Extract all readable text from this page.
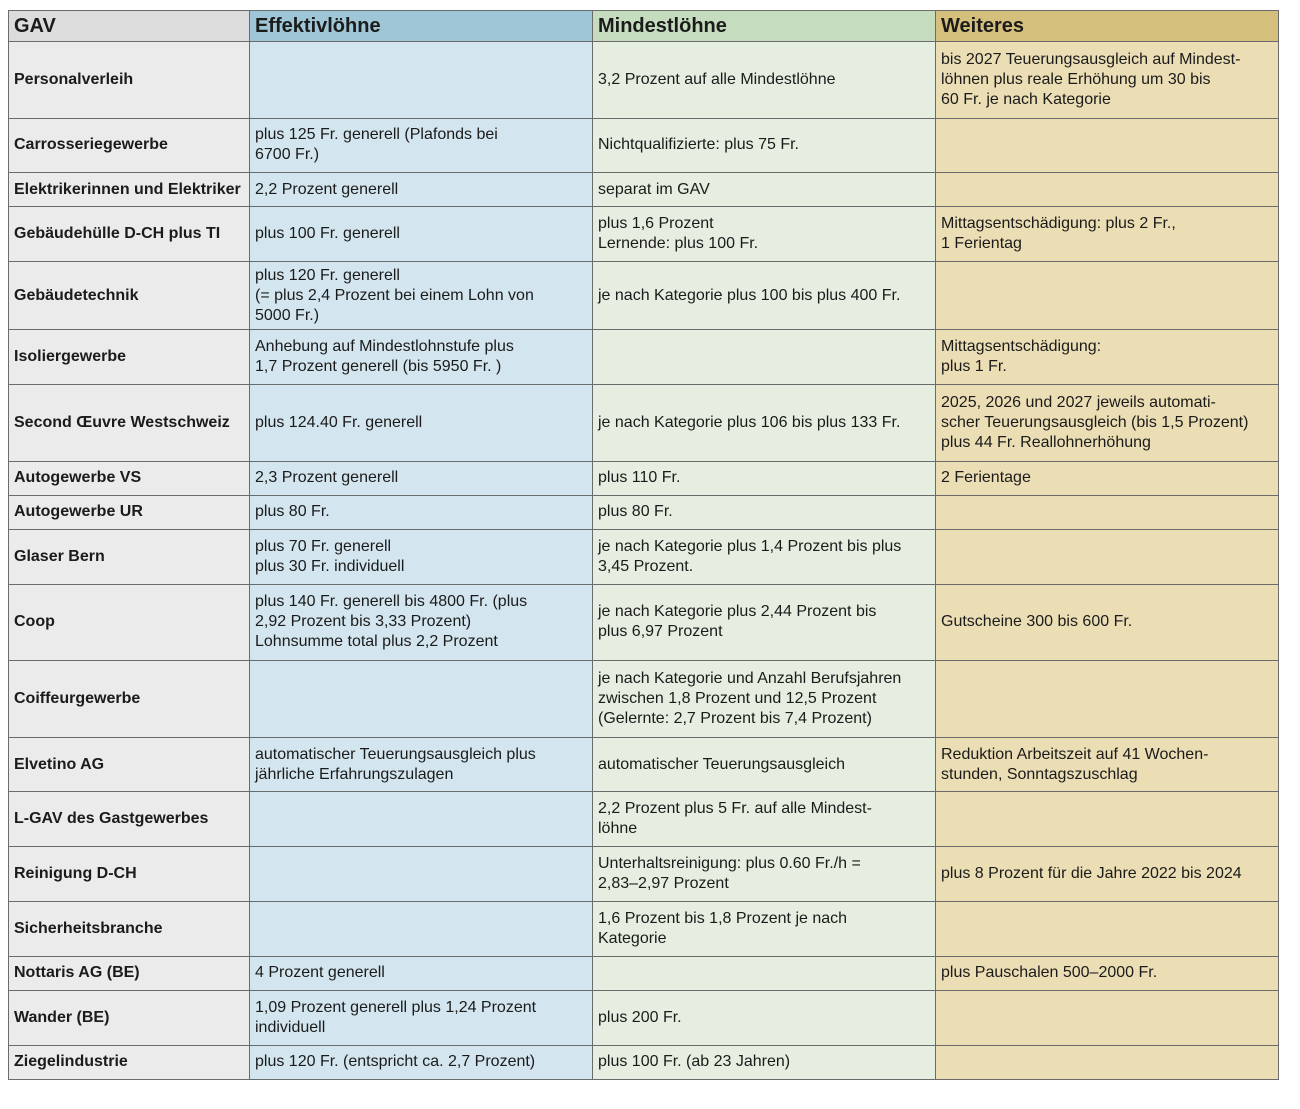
GAV	Effektivlöhne	Mindestlöhne	Weiteres
Personalverleih		3,2 Prozent auf alle Mindestlöhne	bis 2027 Teuerungsausgleich auf Mindest-
löhnen plus reale Erhöhung um 30 bis
60 Fr. je nach Kategorie
Carrosseriegewerbe	plus 125 Fr. generell (Plafonds bei
6700 Fr.)	Nichtqualifizierte: plus 75 Fr.	
Elektrikerinnen und Elektriker	2,2 Prozent generell	separat im GAV	
Gebäudehülle D-CH plus TI	plus 100 Fr. generell	plus 1,6 Prozent
Lernende: plus 100 Fr.	Mittagsentschädigung: plus 2 Fr.,
1 Ferientag
Gebäudetechnik	plus 120 Fr. generell
(= plus 2,4 Prozent bei einem Lohn von
5000 Fr.)	je nach Kategorie plus 100 bis plus 400 Fr.	
Isoliergewerbe	Anhebung auf Mindestlohnstufe plus
1,7 Prozent generell (bis 5950 Fr. )		Mittagsentschädigung:
plus 1 Fr.
Second Œuvre Westschweiz	plus 124.40 Fr. generell	je nach Kategorie plus 106 bis plus 133 Fr.	2025, 2026 und 2027 jeweils automati-
scher Teuerungsausgleich (bis 1,5 Prozent)
plus 44 Fr. Reallohnerhöhung
Autogewerbe VS	2,3 Prozent generell	plus 110 Fr.	2 Ferientage
Autogewerbe UR	plus 80 Fr.	plus 80 Fr.	
Glaser Bern	plus 70 Fr. generell
plus 30 Fr. individuell	je nach Kategorie plus 1,4 Prozent bis plus
3,45 Prozent.	
Coop	plus 140 Fr. generell bis 4800 Fr. (plus
2,92 Prozent bis 3,33 Prozent)
Lohnsumme total plus 2,2 Prozent	je nach Kategorie plus 2,44 Prozent bis
plus 6,97 Prozent	Gutscheine 300 bis 600 Fr.
Coiffeurgewerbe		je nach Kategorie und Anzahl Berufsjahren
zwischen 1,8 Prozent und 12,5 Prozent
(Gelernte: 2,7 Prozent bis 7,4 Prozent)	
Elvetino AG	automatischer Teuerungsausgleich plus
jährliche Erfahrungszulagen	automatischer Teuerungsausgleich	Reduktion Arbeitszeit auf 41 Wochen-
stunden, Sonntagszuschlag
L-GAV des Gastgewerbes		2,2 Prozent plus 5 Fr. auf alle Mindest-
löhne	
Reinigung D-CH		Unterhaltsreinigung: plus 0.60 Fr./h =
2,83–2,97 Prozent	plus 8 Prozent für die Jahre 2022 bis 2024
Sicherheitsbranche		1,6 Prozent bis 1,8 Prozent je nach
Kategorie	
Nottaris AG (BE)	4 Prozent generell		plus Pauschalen 500–2000 Fr.
Wander (BE)	1,09 Prozent generell plus 1,24 Prozent
individuell	plus 200 Fr.	
Ziegelindustrie	plus 120 Fr. (entspricht ca. 2,7 Prozent)	plus 100 Fr. (ab 23 Jahren)	
